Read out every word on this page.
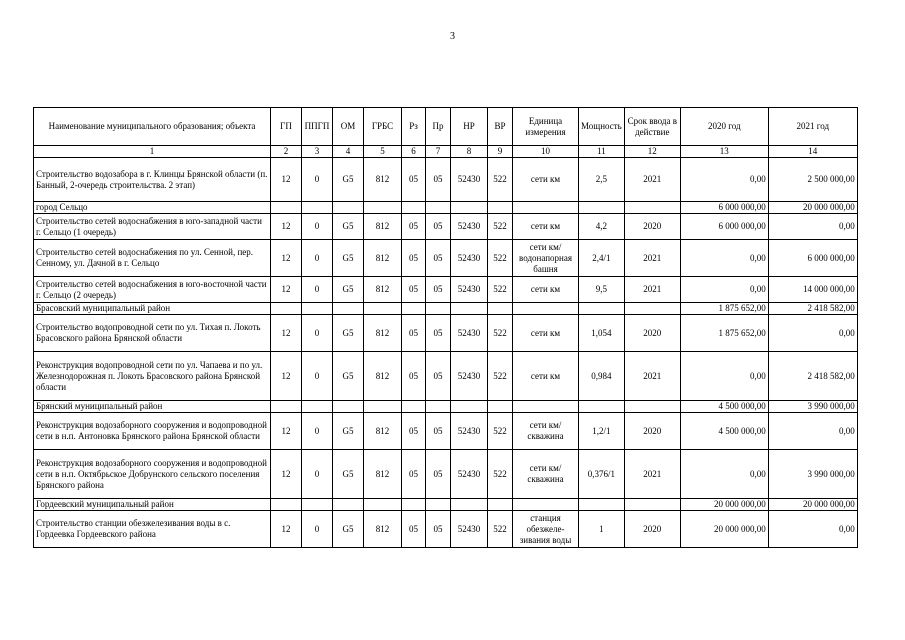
3
Наименование муниципального образования; объекта	ГП	ППГП	ОМ	ГРБС	Рз	Пр	НР	ВР	Единица измерения	Мощность	Срок ввода в действие	2020 год	2021 год
1	2	3	4	5	6	7	8	9	10	11	12	13	14
Строительство водозабора в г. Клинцы Брянской области (п. Банный, 2-очередь строительства. 2 этап)	12	0	G5	812	05	05	52430	522	сети км	2,5	2021	0,00	2 500 000,00
город Сельцо												6 000 000,00	20 000 000,00
Строительство сетей водоснабжения в юго-западной части г. Сельцо (1 очередь)	12	0	G5	812	05	05	52430	522	сети км	4,2	2020	6 000 000,00	0,00
Строительство сетей водоснабжения по ул. Сенной, пер. Сенному, ул. Дачной в г. Сельцо	12	0	G5	812	05	05	52430	522	сети км/ водонапорная башня	2,4/1	2021	0,00	6 000 000,00
Строительство сетей водоснабжения в юго-восточной части г. Сельцо (2 очередь)	12	0	G5	812	05	05	52430	522	сети км	9,5	2021	0,00	14 000 000,00
Брасовский муниципальный район												1 875 652,00	2 418 582,00
Строительство водопроводной сети по ул. Тихая п. Локоть Брасовского района Брянской области	12	0	G5	812	05	05	52430	522	сети км	1,054	2020	1 875 652,00	0,00
Реконструкция водопроводной сети по ул. Чапаева и по ул. Железнодорожная п. Локоть Брасовского района Брянской области	12	0	G5	812	05	05	52430	522	сети км	0,984	2021	0,00	2 418 582,00
Брянский муниципальный район												4 500 000,00	3 990 000,00
Реконструкция водозаборного сооружения и водопроводной сети в н.п. Антоновка Брянского района Брянской области	12	0	G5	812	05	05	52430	522	сети км/скважина	1,2/1	2020	4 500 000,00	0,00
Реконструкция водозаборного сооружения и водопроводной сети в н.п. Октябрьское Добрунского сельского поселения Брянского района	12	0	G5	812	05	05	52430	522	сети км/скважина	0,376/1	2021	0,00	3 990 000,00
Гордеевский муниципальный район												20 000 000,00	20 000 000,00
Строительство станции обезжелезивания воды в с. Гордеевка Гордеевского района	12	0	G5	812	05	05	52430	522	станция обезжеле-зивания воды	1	2020	20 000 000,00	0,00
